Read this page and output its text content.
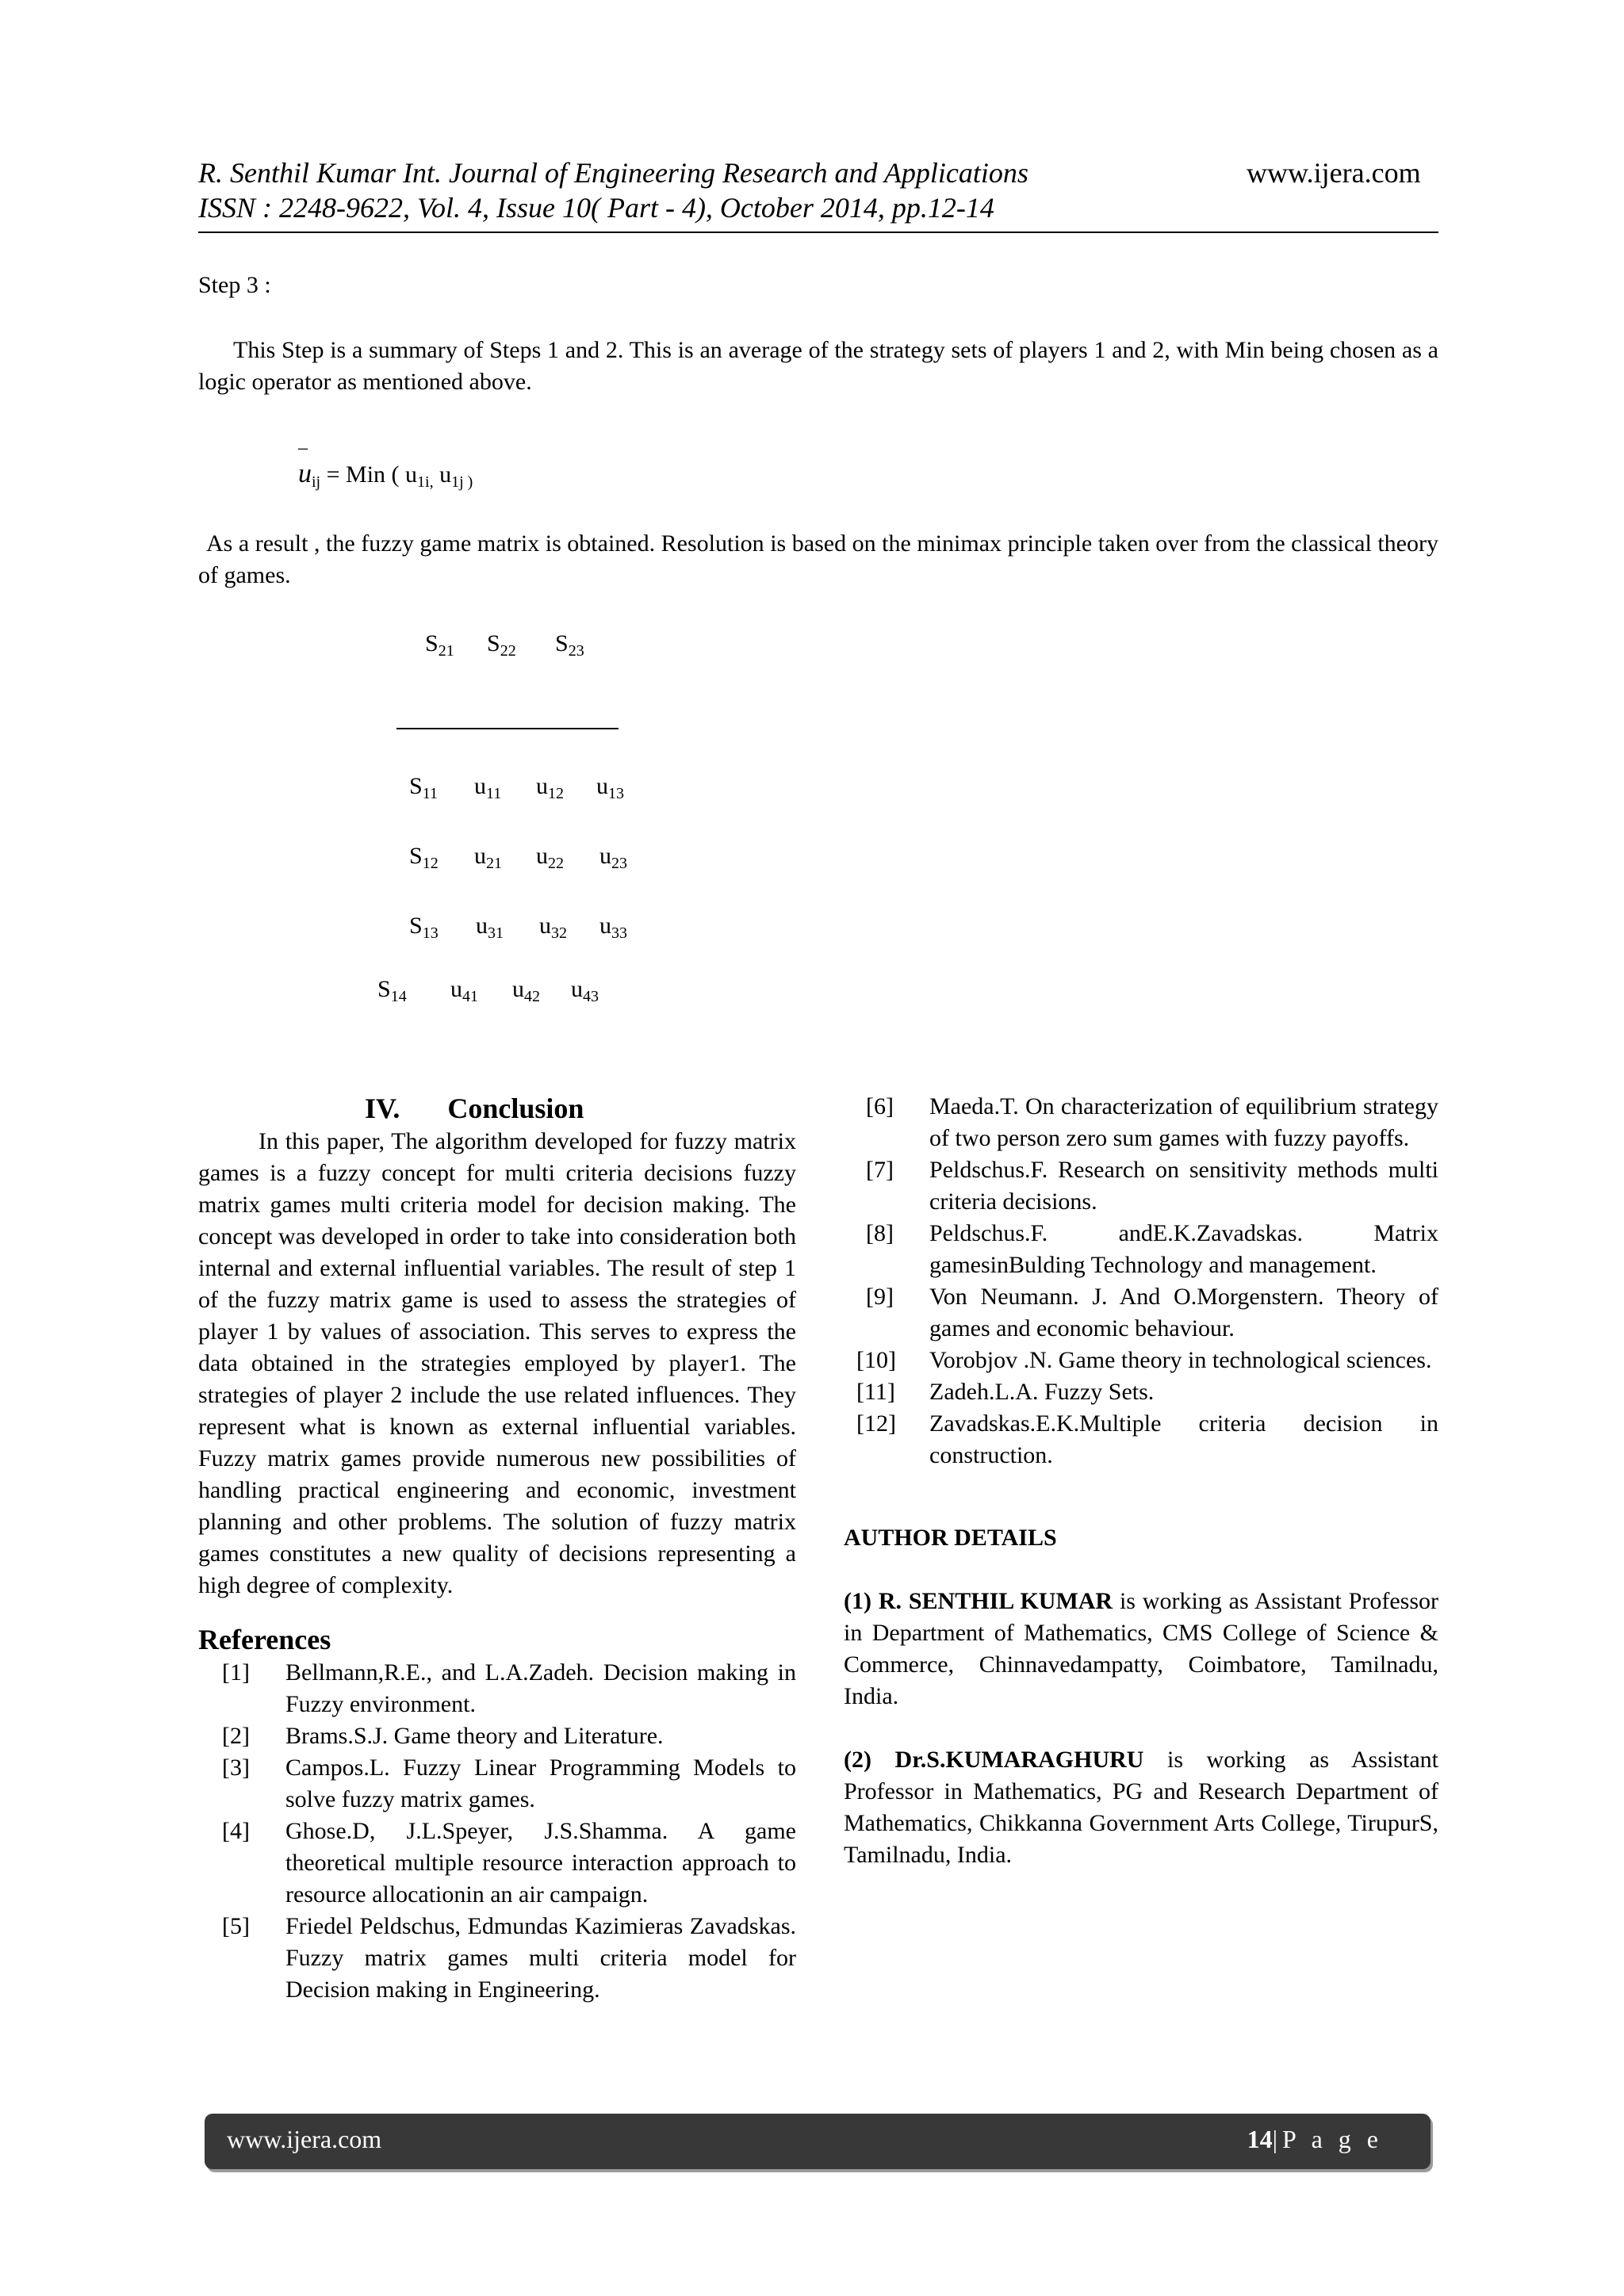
R. Senthil Kumar Int. Journal of Engineering Research and Applications	www.ijera.com
ISSN : 2248-9622, Vol. 4, Issue 10( Part - 4), October 2014, pp.12-14
Step 3 :
This Step is a summary of Steps 1 and 2. This is an average of the strategy sets of players 1 and 2, with Min being chosen as a logic operator as mentioned above.
–
$u_{ij}$ = Min ( $u_{1i,}$ $u_{1j )}$
As a result , the fuzzy game matrix is obtained. Resolution is based on the minimax principle taken over from the classical theory of games.
$S_{21}$ $S_{22}$ $S_{23}$
$S_{11}$ $u_{11}$ $u_{12}$ $u_{13}$
$S_{12}$ $u_{21}$ $u_{22}$ $u_{23}$
$S_{13}$ $u_{31}$ $u_{32}$ $u_{33}$
$S_{14}$ $u_{41}$ $u_{42}$ $u_{43}$
IV. Conclusion

In this paper, The algorithm developed for fuzzy matrix games is a fuzzy concept for multi criteria decisions fuzzy matrix games multi criteria model for decision making. The concept was developed in order to take into consideration both internal and external influential variables. The result of step 1 of the fuzzy matrix game is used to assess the strategies of player 1 by values of association. This serves to express the data obtained in the strategies employed by player1. The strategies of player 2 include the use related influences. They represent what is known as external influential variables. Fuzzy matrix games provide numerous new possibilities of handling practical engineering and economic, investment planning and other problems. The solution of fuzzy matrix games constitutes a new quality of decisions representing a high degree of complexity.

References
[1] Bellmann,R.E., and L.A.Zadeh. Decision making in Fuzzy environment.
[2] Brams.S.J. Game theory and Literature.
[3] Campos.L. Fuzzy Linear Programming Models to solve fuzzy matrix games.
[4] Ghose.D, J.L.Speyer, J.S.Shamma. A game theoretical multiple resource interaction approach to resource allocationin an air campaign.
[5] Friedel Peldschus, Edmundas Kazimieras Zavadskas. Fuzzy matrix games multi criteria model for Decision making in Engineering.
[6] Maeda.T. On characterization of equilibrium strategy of two person zero sum games with fuzzy payoffs.
[7] Peldschus.F. Research on sensitivity methods multi criteria decisions.
[8] Peldschus.F. andE.K.Zavadskas. Matrix gamesinBulding Technology and management.
[9] Von Neumann. J. And O.Morgenstern. Theory of games and economic behaviour.
[10] Vorobjov .N. Game theory in technological sciences.
[11] Zadeh.L.A. Fuzzy Sets.
[12] Zavadskas.E.K.Multiple criteria decision in construction.
AUTHOR DETAILS

(1) R. SENTHIL KUMAR is working as Assistant Professor in Department of Mathematics, CMS College of Science & Commerce, Chinnavedampatty, Coimbatore, Tamilnadu, India.

(2) Dr.S.KUMARAGHURU is working as Assistant Professor in Mathematics, PG and Research Department of Mathematics, Chikkanna Government Arts College, TirupurS, Tamilnadu, India.

www.ijera.com	14|P a g e
